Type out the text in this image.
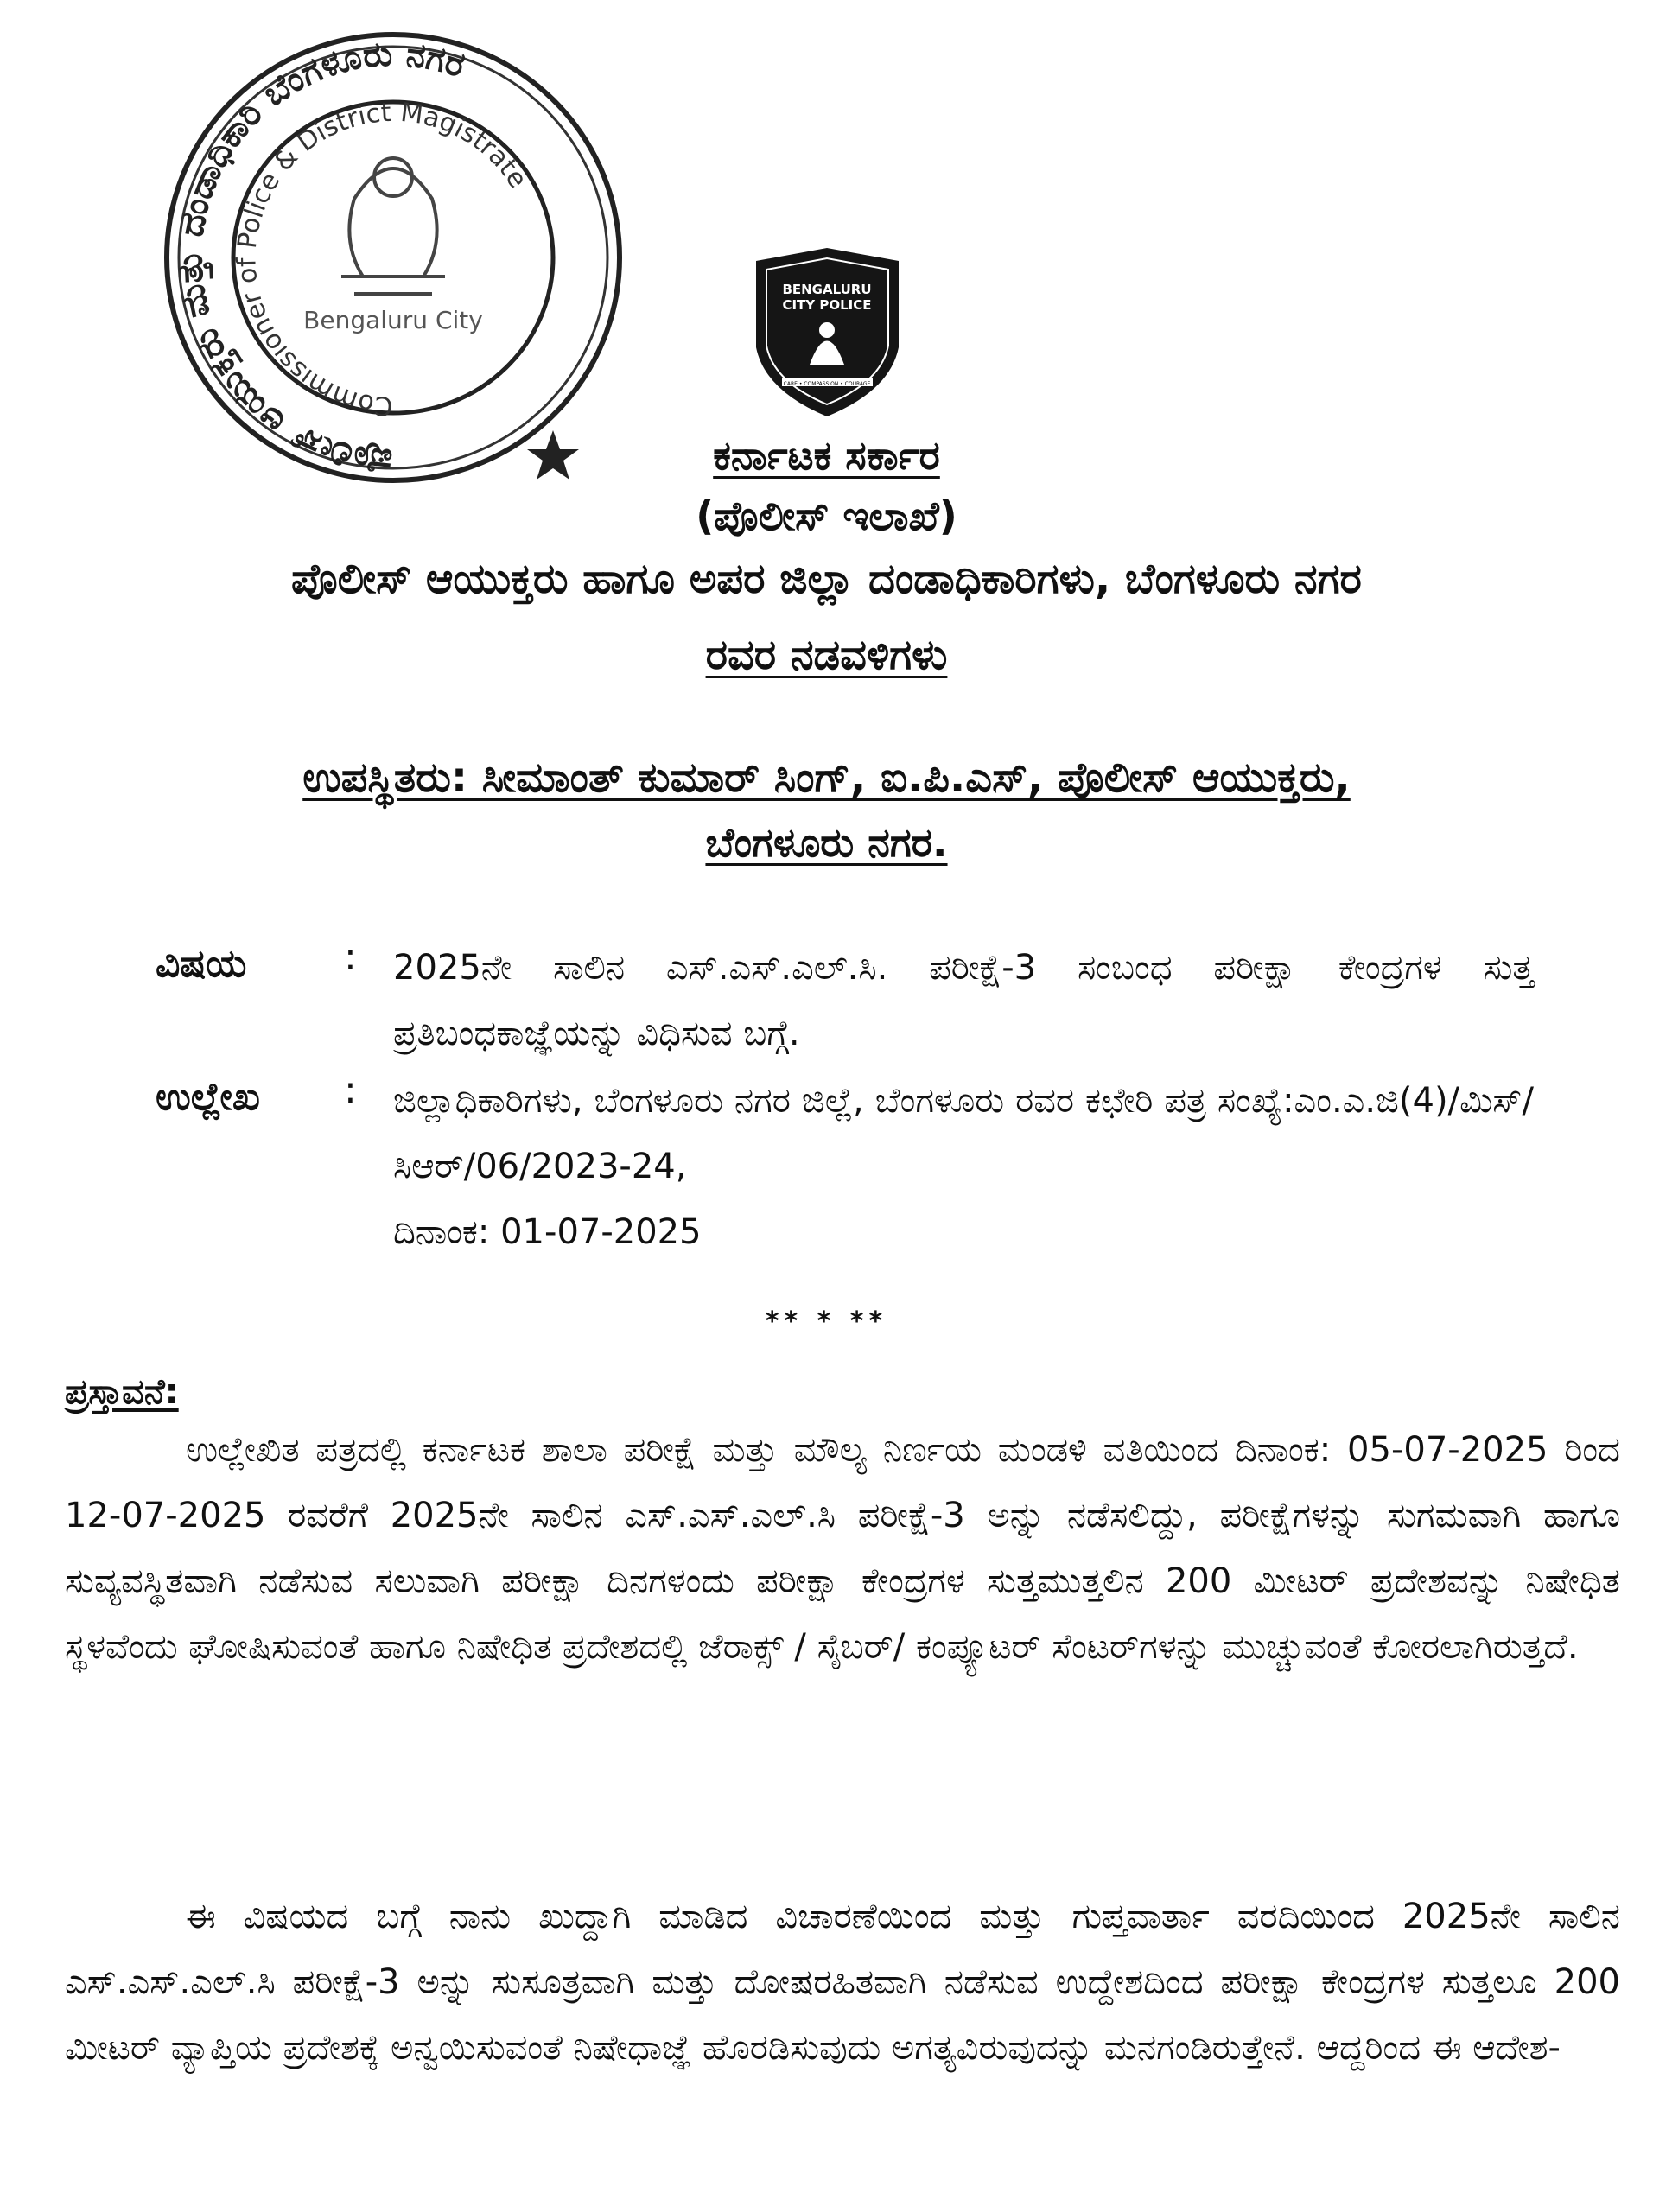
ಪೊಲೀಸ್ ಆಯುಕ್ತರು ಮತ್ತು ದಂಡಾಧಿಕಾರಿ ಬೆಂಗಳೂರು ನಗರ
Commissioner of Police & District Magistrate
Bengaluru City
BENGALURU
CITY POLICE
CARE • COMPASSION • COURAGE
ಕರ್ನಾಟಕ ಸರ್ಕಾರ
(ಪೊಲೀಸ್ ಇಲಾಖೆ)
ಪೊಲೀಸ್ ಆಯುಕ್ತರು ಹಾಗೂ ಅಪರ ಜಿಲ್ಲಾ ದಂಡಾಧಿಕಾರಿಗಳು, ಬೆಂಗಳೂರು ನಗರ
ರವರ ನಡವಳಿಗಳು
ಉಪಸ್ಥಿತರು: ಸೀಮಾಂತ್ ಕುಮಾರ್ ಸಿಂಗ್, ಐ.ಪಿ.ಎಸ್, ಪೊಲೀಸ್ ಆಯುಕ್ತರು,
ಬೆಂಗಳೂರು ನಗರ.
ವಿಷಯ	: 2025ನೇ ಸಾಲಿನ ಎಸ್.ಎಸ್.ಎಲ್.ಸಿ. ಪರೀಕ್ಷೆ-3 ಸಂಬಂಧ ಪರೀಕ್ಷಾ ಕೇಂದ್ರಗಳ ಸುತ್ತ ಪ್ರತಿಬಂಧಕಾಜ್ಞೆಯನ್ನು ವಿಧಿಸುವ ಬಗ್ಗೆ.
ಉಲ್ಲೇಖ : ಜಿಲ್ಲಾಧಿಕಾರಿಗಳು, ಬೆಂಗಳೂರು ನಗರ ಜಿಲ್ಲೆ, ಬೆಂಗಳೂರು ರವರ ಕಛೇರಿ ಪತ್ರ ಸಂಖ್ಯೆ:ಎಂ.ಎ.ಜಿ(4)/ಮಿಸ್/ಸಿಆರ್/06/2023-24,
ದಿನಾಂಕ: 01-07-2025
** * **
ಪ್ರಸ್ತಾವನೆ:
ಉಲ್ಲೇಖಿತ ಪತ್ರದಲ್ಲಿ ಕರ್ನಾಟಕ ಶಾಲಾ ಪರೀಕ್ಷೆ ಮತ್ತು ಮೌಲ್ಯ ನಿರ್ಣಯ ಮಂಡಳಿ ವತಿಯಿಂದ ದಿನಾಂಕ: 05-07-2025 ರಿಂದ 12-07-2025 ರವರೆಗೆ 2025ನೇ ಸಾಲಿನ ಎಸ್.ಎಸ್.ಎಲ್.ಸಿ ಪರೀಕ್ಷೆ-3 ಅನ್ನು ನಡೆಸಲಿದ್ದು, ಪರೀಕ್ಷೆಗಳನ್ನು ಸುಗಮವಾಗಿ ಹಾಗೂ ಸುವ್ಯವಸ್ಥಿತವಾಗಿ ನಡೆಸುವ ಸಲುವಾಗಿ ಪರೀಕ್ಷಾ ದಿನಗಳಂದು ಪರೀಕ್ಷಾ ಕೇಂದ್ರಗಳ ಸುತ್ತಮುತ್ತಲಿನ 200 ಮೀಟರ್ ಪ್ರದೇಶವನ್ನು ನಿಷೇಧಿತ ಸ್ಥಳವೆಂದು ಘೋಷಿಸುವಂತೆ ಹಾಗೂ ನಿಷೇಧಿತ ಪ್ರದೇಶದಲ್ಲಿ ಜೆರಾಕ್ಸ್ / ಸೈಬರ್/ ಕಂಪ್ಯೂಟರ್ ಸೆಂಟರ್‌ಗಳನ್ನು ಮುಚ್ಚುವಂತೆ ಕೋರಲಾಗಿರುತ್ತದೆ.
ಈ ವಿಷಯದ ಬಗ್ಗೆ ನಾನು ಖುದ್ದಾಗಿ ಮಾಡಿದ ವಿಚಾರಣೆಯಿಂದ ಮತ್ತು ಗುಪ್ತವಾರ್ತಾ ವರದಿಯಿಂದ 2025ನೇ ಸಾಲಿನ ಎಸ್.ಎಸ್.ಎಲ್.ಸಿ ಪರೀಕ್ಷೆ-3 ಅನ್ನು ಸುಸೂತ್ರವಾಗಿ ಮತ್ತು ದೋಷರಹಿತವಾಗಿ ನಡೆಸುವ ಉದ್ದೇಶದಿಂದ ಪರೀಕ್ಷಾ ಕೇಂದ್ರಗಳ ಸುತ್ತಲೂ 200 ಮೀಟರ್ ವ್ಯಾಪ್ತಿಯ ಪ್ರದೇಶಕ್ಕೆ ಅನ್ವಯಿಸುವಂತೆ ನಿಷೇಧಾಜ್ಞೆ ಹೊರಡಿಸುವುದು ಅಗತ್ಯವಿರುವುದನ್ನು ಮನಗಂಡಿರುತ್ತೇನೆ. ಆದ್ದರಿಂದ ಈ ಆದೇಶ-
